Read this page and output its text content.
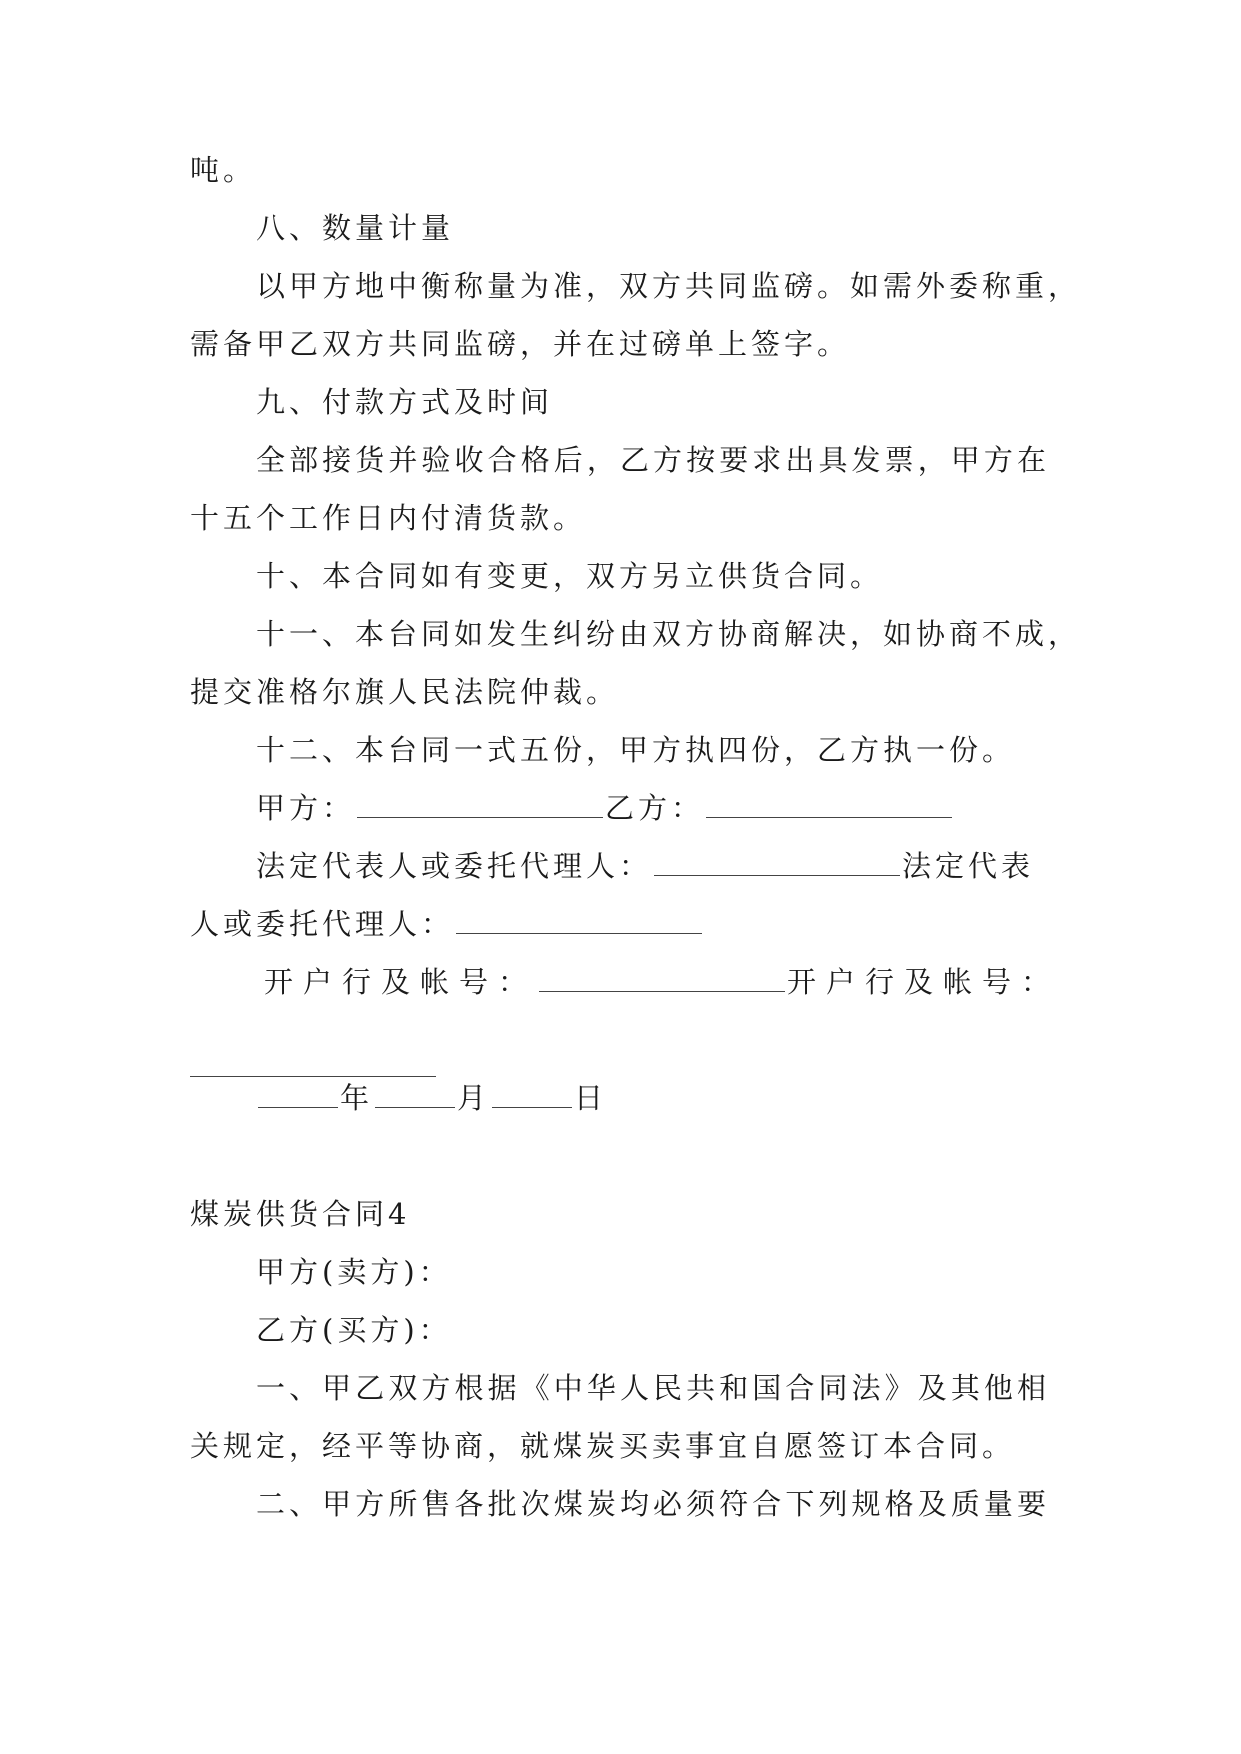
吨。
八、数量计量
以甲方地中衡称量为准，双方共同监磅。如需外委称重，
需备甲乙双方共同监磅，并在过磅单上签字。
九、付款方式及时间
全部接货并验收合格后，乙方按要求出具发票，甲方在
十五个工作日内付清货款。
十、本合同如有变更，双方另立供货合同。
十一、本台同如发生纠纷由双方协商解决，如协商不成，
提交准格尔旗人民法院仲裁。
十二、本台同一式五份，甲方执四份，乙方执一份。
甲方：	乙方：
法定代表人或委托代理人：	法定代表
人或委托代理人：
开户行及帐号：	开户行及帐号：
年	月	日
煤炭供货合同4
甲方(卖方)：
乙方(买方)：
一、甲乙双方根据《中华人民共和国合同法》及其他相
关规定，经平等协商，就煤炭买卖事宜自愿签订本合同。
二、甲方所售各批次煤炭均必须符合下列规格及质量要
